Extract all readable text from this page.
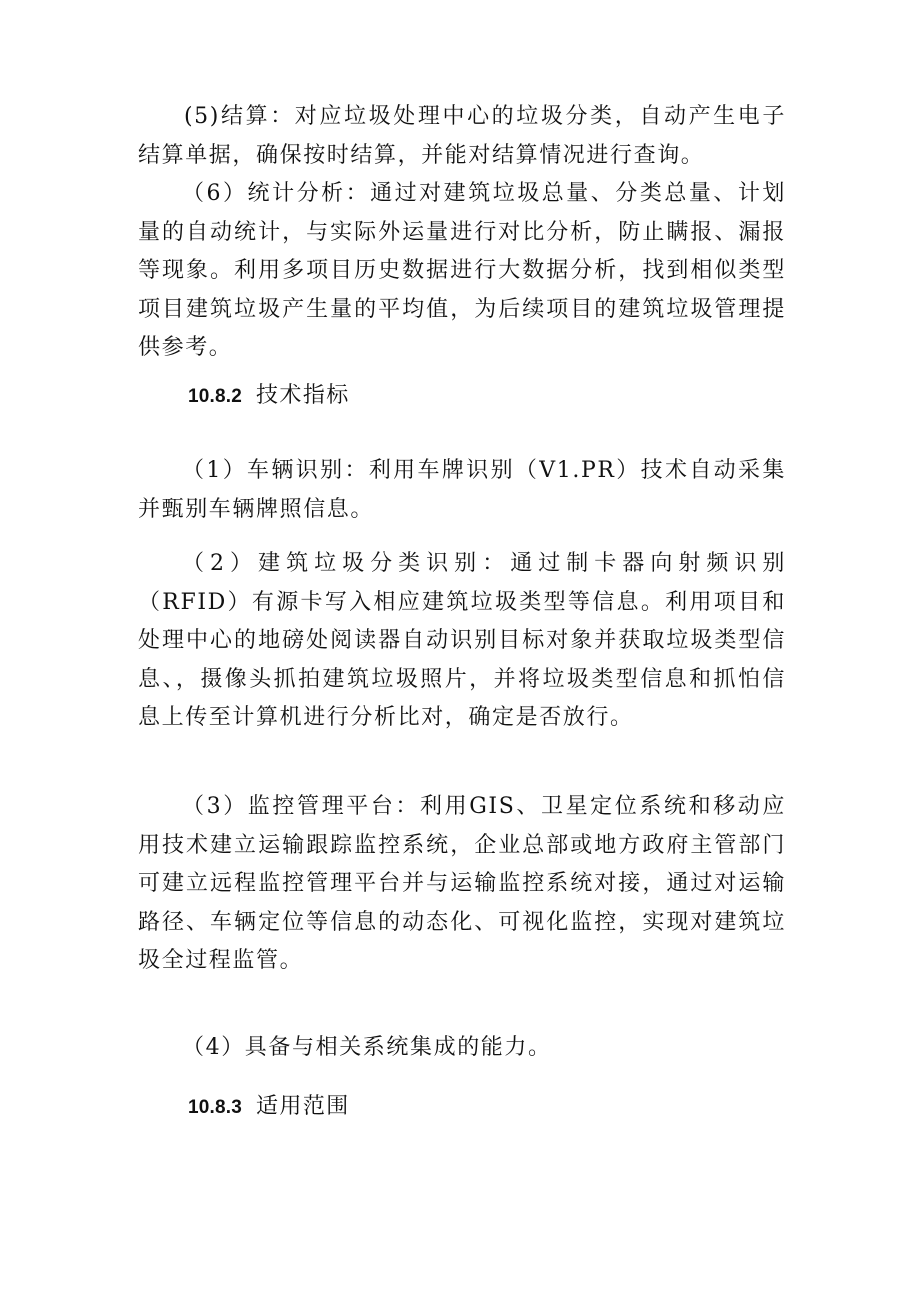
(5)结算：对应垃圾处理中心的垃圾分类，自动产生电子结算单据，确保按时结算，并能对结算情况进行查询。

（6）统计分析：通过对建筑垃圾总量、分类总量、计划量的自动统计，与实际外运量进行对比分析，防止瞒报、漏报等现象。利用多项目历史数据进行大数据分析，找到相似类型项目建筑垃圾产生量的平均值，为后续项目的建筑垃圾管理提供参考。

10.8.2 技术指标

（1）车辆识别：利用车牌识别（V1.PR）技术自动采集并甄别车辆牌照信息。

（2）建筑垃圾分类识别：通过制卡器向射频识别（RFID）有源卡写入相应建筑垃圾类型等信息。利用项目和处理中心的地磅处阅读器自动识别目标对象并获取垃圾类型信息、，摄像头抓拍建筑垃圾照片，并将垃圾类型信息和抓怕信息上传至计算机进行分析比对，确定是否放行。

（3）监控管理平台：利用GIS、卫星定位系统和移动应用技术建立运输跟踪监控系统，企业总部或地方政府主管部门可建立远程监控管理平台并与运输监控系统对接，通过对运输路径、车辆定位等信息的动态化、可视化监控，实现对建筑垃圾全过程监管。

（4）具备与相关系统集成的能力。

10.8.3 适用范围
